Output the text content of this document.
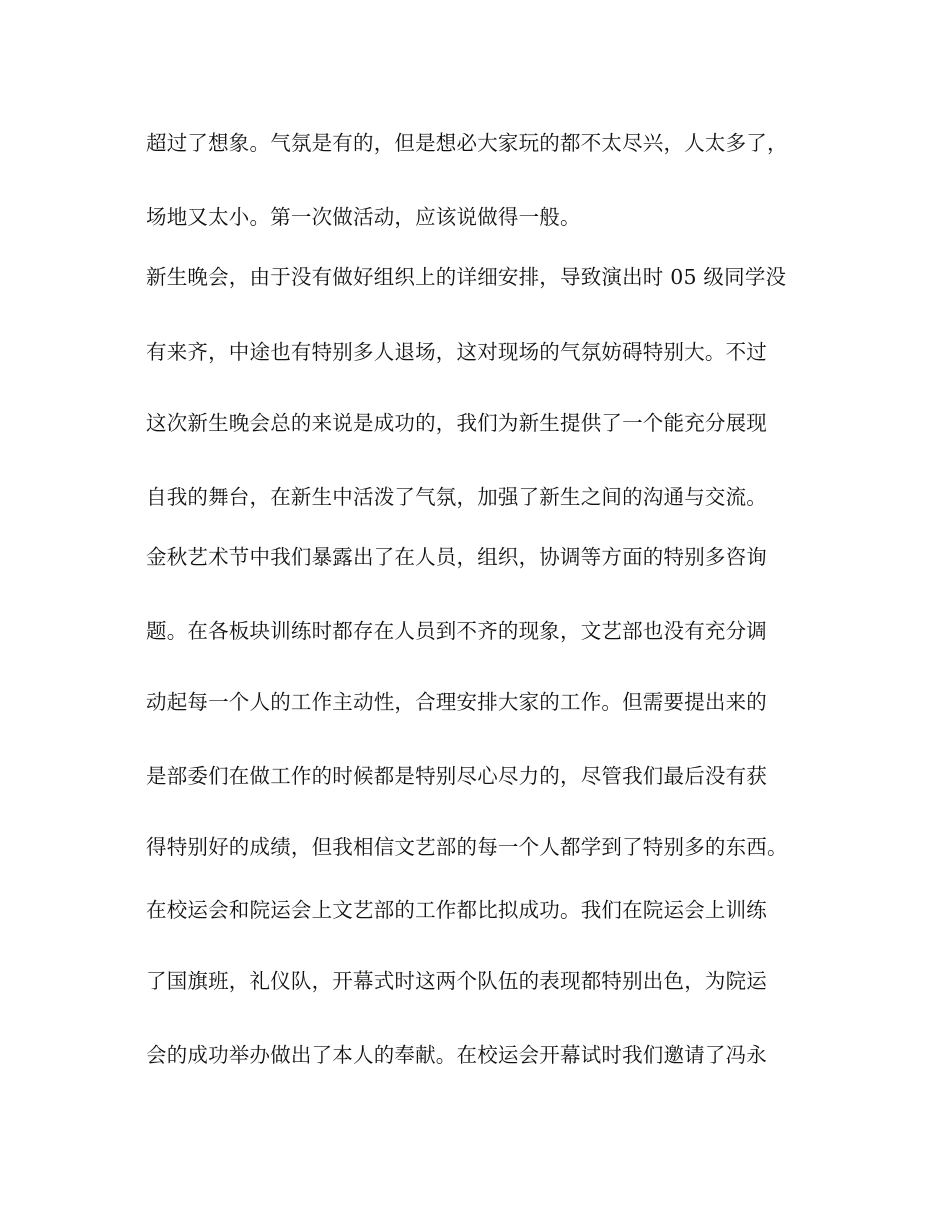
超过了想象。气氛是有的，但是想必大家玩的都不太尽兴，人太多了，
场地又太小。第一次做活动，应该说做得一般。
新生晚会，由于没有做好组织上的详细安排，导致演出时 05 级同学没
有来齐，中途也有特别多人退场，这对现场的气氛妨碍特别大。不过
这次新生晚会总的来说是成功的，我们为新生提供了一个能充分展现
自我的舞台，在新生中活泼了气氛，加强了新生之间的沟通与交流。
金秋艺术节中我们暴露出了在人员，组织，协调等方面的特别多咨询
题。在各板块训练时都存在人员到不齐的现象，文艺部也没有充分调
动起每一个人的工作主动性，合理安排大家的工作。但需要提出来的
是部委们在做工作的时候都是特别尽心尽力的，尽管我们最后没有获
得特别好的成绩，但我相信文艺部的每一个人都学到了特别多的东西。
在校运会和院运会上文艺部的工作都比拟成功。我们在院运会上训练
了国旗班，礼仪队，开幕式时这两个队伍的表现都特别出色，为院运
会的成功举办做出了本人的奉献。在校运会开幕试时我们邀请了冯永
